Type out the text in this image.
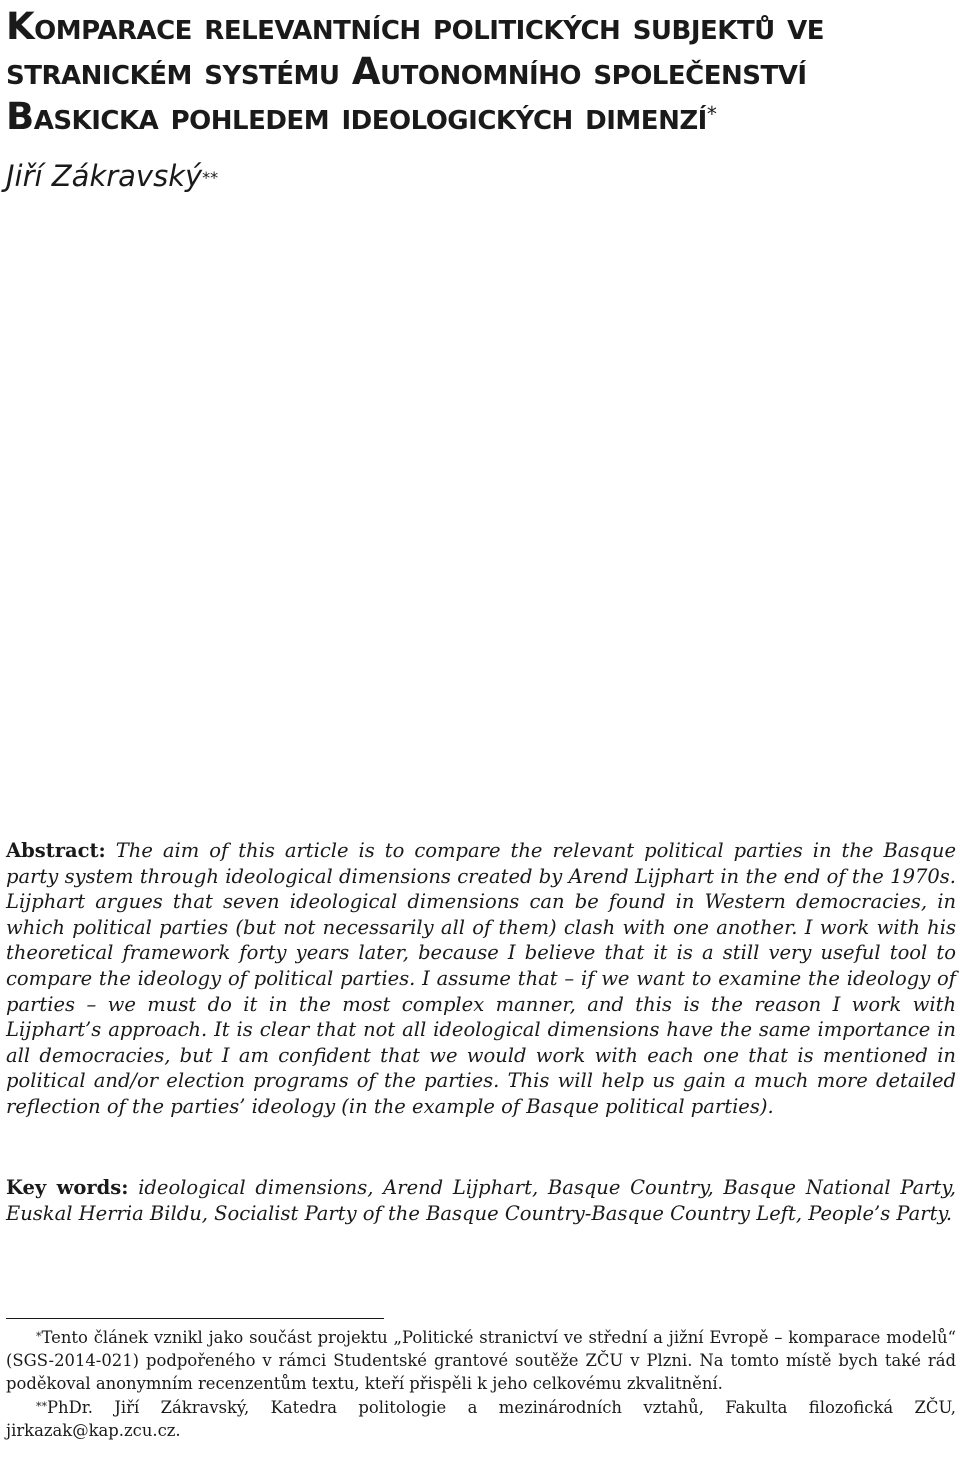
Komparace relevantních politických subjektů ve stranickém systému Autonomního společenství Baskicka pohledem ideologických dimenzí*

Jiří Zákravský**

Abstract: The aim of this article is to compare the relevant political parties in the Basque party system through ideological dimensions created by Arend Lijphart in the end of the 1970s. Lijphart argues that seven ideological dimensions can be found in Western democracies, in which political parties (but not necessarily all of them) clash with one another. I work with his theoretical framework forty years later, because I believe that it is a still very useful tool to compare the ideology of political parties. I assume that – if we want to examine the ideology of parties – we must do it in the most complex manner, and this is the reason I work with Lijphart’s approach. It is clear that not all ideological dimensions have the same importance in all democracies, but I am confident that we would work with each one that is mentioned in political and/or election programs of the parties. This will help us gain a much more detailed reflection of the parties’ ideology (in the example of Basque political parties).

Key words: ideological dimensions, Arend Lijphart, Basque Country, Basque National Party, Euskal Herria Bildu, Socialist Party of the Basque Country-Basque Country Left, People’s Party.

*Tento článek vznikl jako součást projektu „Politické stranictví ve střední a jižní Evropě – komparace modelů“ (SGS-2014-021) podpořeného v rámci Studentské grantové soutěže ZČU v Plzni. Na tomto místě bych také rád poděkoval anonymním recenzentům textu, kteří přispěli k jeho celkovému zkvalitnění.

**PhDr. Jiří Zákravský, Katedra politologie a mezinárodních vztahů, Fakulta filozofická ZČU, jirkazak@kap.zcu.cz.
